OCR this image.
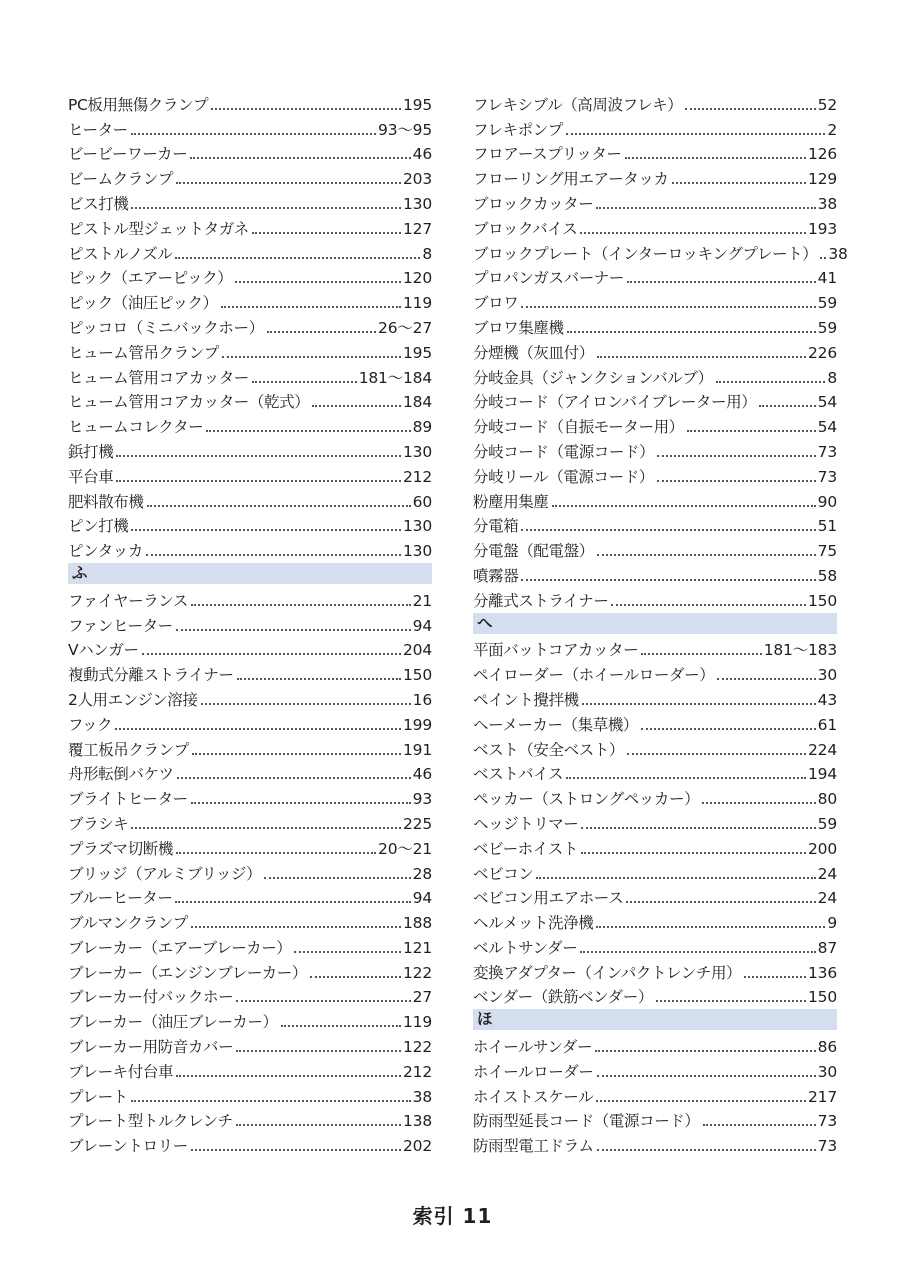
PC板用無傷クランプ	195
ヒーター	93～95
ビービーワーカー	46
ビームクランプ	203
ビス打機	130
ピストル型ジェットタガネ	127
ピストルノズル	8
ピック（エアーピック）	120
ピック（油圧ピック）	119
ピッコロ（ミニバックホー）	26～27
ヒューム管吊クランプ	195
ヒューム管用コアカッター	181～184
ヒューム管用コアカッター（乾式）	184
ヒュームコレクター	89
鋲打機	130
平台車	212
肥料散布機	60
ピン打機	130
ピンタッカ	130
ふ
ファイヤーランス	21
ファンヒーター	94
Vハンガー	204
複動式分離ストライナー	150
2人用エンジン溶接	16
フック	199
覆工板吊クランプ	191
舟形転倒バケツ	46
ブライトヒーター	93
ブラシキ	225
プラズマ切断機	20～21
ブリッジ（アルミブリッジ）	28
ブルーヒーター	94
ブルマンクランプ	188
ブレーカー（エアーブレーカー）	121
ブレーカー（エンジンブレーカー）	122
ブレーカー付バックホー	27
ブレーカー（油圧ブレーカー）	119
ブレーカー用防音カバー	122
ブレーキ付台車	212
プレート	38
プレート型トルクレンチ	138
ブレーントロリー	202
フレキシブル（高周波フレキ）	52
フレキポンプ	2
フロアースプリッター	126
フローリング用エアータッカ	129
ブロックカッター	38
ブロックバイス	193
ブロックプレート（インターロッキングプレート） 38
プロパンガスバーナー	41
ブロワ	59
ブロワ集塵機	59
分煙機（灰皿付）	226
分岐金具（ジャンクションバルブ）	8
分岐コード（アイロンバイブレーター用）	54
分岐コード（自振モーター用）	54
分岐コード（電源コード）	73
分岐リール（電源コード）	73
粉塵用集塵	90
分電箱	51
分電盤（配電盤）	75
噴霧器	58
分離式ストライナー	150
へ
平面バットコアカッター	181～183
ペイローダー（ホイールローダー）	30
ペイント攪拌機	43
ヘーメーカー（集草機）	61
ベスト（安全ベスト）	224
ベストバイス	194
ペッカー（ストロングペッカー）	80
ヘッジトリマー	59
ベビーホイスト	200
ベビコン	24
ベビコン用エアホース	24
ヘルメット洗浄機	9
ベルトサンダー	87
変換アダプター（インパクトレンチ用）	136
ベンダー（鉄筋ベンダー）	150
ほ
ホイールサンダー	86
ホイールローダー	30
ホイストスケール	217
防雨型延長コード（電源コード）	73
防雨型電工ドラム	73
索引 11
